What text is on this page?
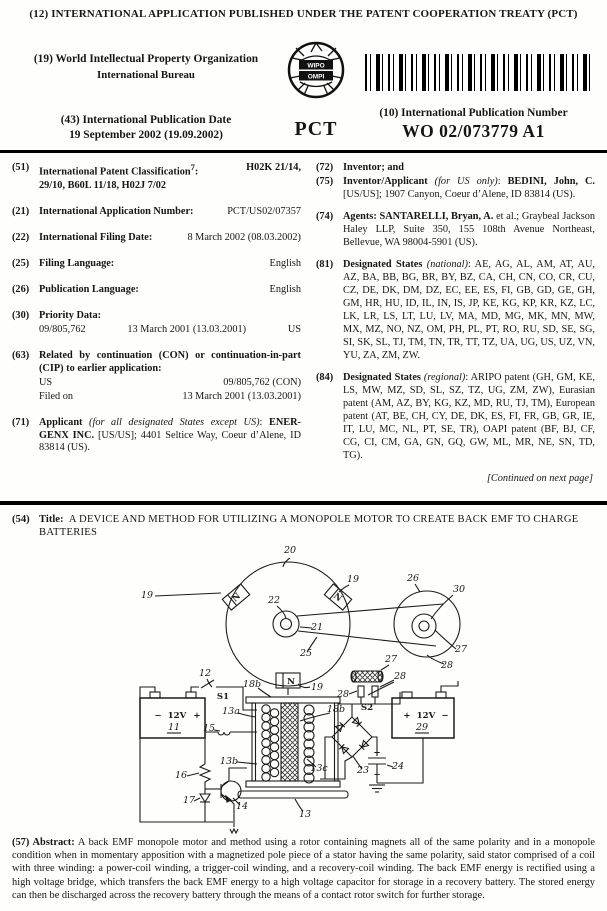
(12) INTERNATIONAL APPLICATION PUBLISHED UNDER THE PATENT COOPERATION TREATY (PCT)
(19) World Intellectual Property Organization
International Bureau
WIPO
OMPI
(43) International Publication Date
19 September 2002 (19.09.2002)	PCT
(10) International Publication Number
WO 02/073779 A1
(51) International Patent Classification$^7$:	H02K 21/14,
29/10, B60L 11/18, H02J 7/02
(21) International Application Number:	PCT/US02/07357
(22) International Filing Date:	8 March 2002 (08.03.2002)
(25) Filing Language:	English
(26) Publication Language:	English
(30) Priority Data:
09/805,762	13 March 2001 (13.03.2001)	US
(63) Related by continuation (CON) or continuation-in-part (CIP) to earlier application:
US	09/805,762 (CON)
Filed on	13 March 2001 (13.03.2001)
(71) Applicant (for all designated States except US): ENER-GENX INC. [US/US]; 4401 Seltice Way, Coeur d’Alene, ID 83814 (US).
(72) Inventor; and
(75) Inventor/Applicant (for US only): BEDINI, John, C. [US/US]; 1907 Canyon, Coeur d’Alene, ID 83814 (US).
(74) Agents: SANTARELLI, Bryan, A. et al.; Graybeal Jackson Haley LLP, Suite 350, 155 108th Avenue Northeast, Bellevue, WA 98004-5901 (US).
(81) Designated States (national): AE, AG, AL, AM, AT, AU, AZ, BA, BB, BG, BR, BY, BZ, CA, CH, CN, CO, CR, CU, CZ, DE, DK, DM, DZ, EC, EE, ES, FI, GB, GD, GE, GH, GM, HR, HU, ID, IL, IN, IS, JP, KE, KG, KP, KR, KZ, LC, LK, LR, LS, LT, LU, LV, MA, MD, MG, MK, MN, MW, MX, MZ, NO, NZ, OM, PH, PL, PT, RO, RU, SD, SE, SG, SI, SK, SL, TJ, TM, TN, TR, TT, TZ, UA, UG, US, UZ, VN, YU, ZA, ZM, ZW.
(84) Designated States (regional): ARIPO patent (GH, GM, KE, LS, MW, MZ, SD, SL, SZ, TZ, UG, ZM, ZW), Eurasian patent (AM, AZ, BY, KG, KZ, MD, RU, TJ, TM), European patent (AT, BE, CH, CY, DE, DK, ES, FI, FR, GB, GR, IE, IT, LU, MC, NL, PT, SE, TR), OAPI patent (BF, BJ, CF, CG, CI, CM, GA, GN, GQ, GW, ML, MR, NE, SN, TD, TG).
[Continued on next page]
(54) Title: A DEVICE AND METHOD FOR UTILIZING A MONOPOLE MOTOR TO CREATE BACK EMF TO CHARGE BATTERIES
20
19
19
22
21
25
26
30
27
28
27
28
28
S2
12
S1
N	N
N 19
18b
13a
15
13b
16
17
14
13c
18b
23 24
13
− 12V +
11
+ 12V −
29
+
−
(57) Abstract: A back EMF monopole motor and method using a rotor containing magnets all of the same polarity and in a monopole condition when in momentary apposition with a magnetized pole piece of a stator having the same polarity, said stator comprised of a coil with three winding: a power-coil winding, a trigger-coil winding, and a recovery-coil winding. The back EMF energy is rectified using a high voltage bridge, which transfers the back EMF energy to a high voltage capacitor for storage in a recovery battery. The stored energy can then be discharged across the recovery battery through the means of a contact rotor switch for further storage.
